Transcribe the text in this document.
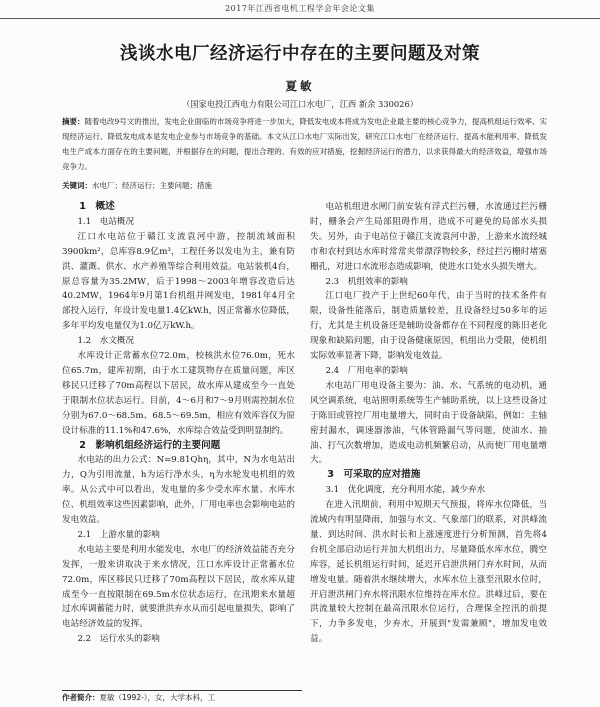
2017年江西省电机工程学会年会论文集
浅谈水电厂经济运行中存在的主要问题及对策
夏敏
（国家电投江西电力有限公司江口水电厂，江西 新余 330026）
摘要：随着电改9号文的推出，发电企业面临的市场竞争将进一步加大，降低发电成本将成为发电企业最主要的核心竞争力，提高机组运行效率、实现经济运行、降低发电成本是发电企业参与市场竞争的基础。本文从江口水电厂实际出发，研究江口水电厂在经济运行、提高水能利用率、降低发电生产成本方面存在的主要问题，并根据存在的问题，提出合理的、有效的应对措施，挖掘经济运行的潜力，以求获得最大的经济效益，增强市场竞争力。
关键词：水电厂；经济运行；主要问题；措施

1　概述

1.1　电站概况

江口水电站位于赣江支流袁河中游，控制流域面积3900km²，总库容8.9亿m³，工程任务以发电为主，兼有防洪、灌溉、供水、水产养殖等综合利用效益。电站装机4台，原总容量为35.2MW，后于1998～2003年增容改造后达40.2MW，1964年9月第1台机组并网发电，1981年4月全部投入运行，年设计发电量1.4亿kW.h，因正常蓄水位降低，多年平均发电量仅为1.0亿万kW.h。

1.2　水文概况

水库设计正常蓄水位72.0m，校核洪水位76.0m，死水位65.7m，建库初期，由于水工建筑物存在质量问题，库区移民只迁移了70m高程以下居民，故水库从建成至今一直处于限制水位状态运行。目前，4～6月和7～9月则需控制水位分别为67.0～68.5m、68.5～69.5m，相应有效库容仅为原设计标准的11.1%和47.6%，水库综合效益受到明显制约。

2　影响机组经济运行的主要问题

水电站的出力公式：N=9.81Qhη，其中，N为水电站出力，Q为引用流量，h为运行净水头，η为水轮发电机组的效率。从公式中可以看出，发电量的多少受水库水量、水库水位、机组效率这些因素影响，此外，厂用电率也会影响电站的发电效益。

2.1　上游水量的影响

水电站主要是利用水能发电，水电厂的经济效益能否充分发挥，一般来讲取决于来水情况，江口水库设计正常蓄水位72.0m，库区移民只迁移了70m高程以下居民，故水库从建成至今一直按限制在69.5m水位状态运行，在汛期来水量超过水库调蓄能力时，就要泄洪弃水从而引起电量损失，影响了电站经济效益的发挥。

2.2　运行水头的影响

电站机组进水闸门前安装有浮式拦污栅，水流通过拦污栅时，栅条会产生局部阻碍作用，造成不可避免的局部水头损失。另外，由于电站位于赣江支流袁河中游，上游来水流经城市和农村到达水库时常常夹带漂浮物较多，经过拦污栅时堵塞栅孔，对进口水流形态造成影响，使进水口处水头损失增大。

2.3　机组效率的影响

江口电厂投产于上世纪60年代，由于当时的技术条件有限，设备性能落后，制造质量较差，且设备经过50多年的运行，尤其是主机设备还是辅助设备都存在不同程度的陈旧老化现象和缺陷问题，由于设备健康原因，机组出力受限，使机组实际效率显著下降，影响发电效益。

2.4　厂用电率的影响

水电站厂用电设备主要为：油、水、气系统的电动机，通风空调系统，电站照明系统等生产辅助系统，以上这些设备过于陈旧或管控厂用电量增大，同时由于设备缺陷，例如：主轴密封漏水，调速器渗油，气体管路漏气等问题，使油水、抽油、打气次数增加，造成电动机频繁启动，从而使厂用电量增大。

3　可采取的应对措施

3.1　优化调度，充分利用水能，减少弃水

在进入汛期前，利用中短期天气预报，将库水位降低，当流域内有明显降雨，加强与水文、气象部门的联系，对洪峰流量、到达时间、洪水时长和上涨速度进行分析预测，首先将4台机全部启动运行并加大机组出力，尽量降低水库水位，腾空库容，延长机组运行时间，延迟开启泄洪闸门弃水时间，从而增发电量。随着洪水继续增大，水库水位上涨至汛限水位时，开启泄洪闸门弃水将汛限水位维持在库水位。洪峰过后，要在洪流量较大控制在最高汛限水位运行，合理保全控汛的前提下，力争多发电，少弃水，开展到"发需兼顾"，增加发电效益。

作者简介：夏敏（1992-），女，大学本科，工
